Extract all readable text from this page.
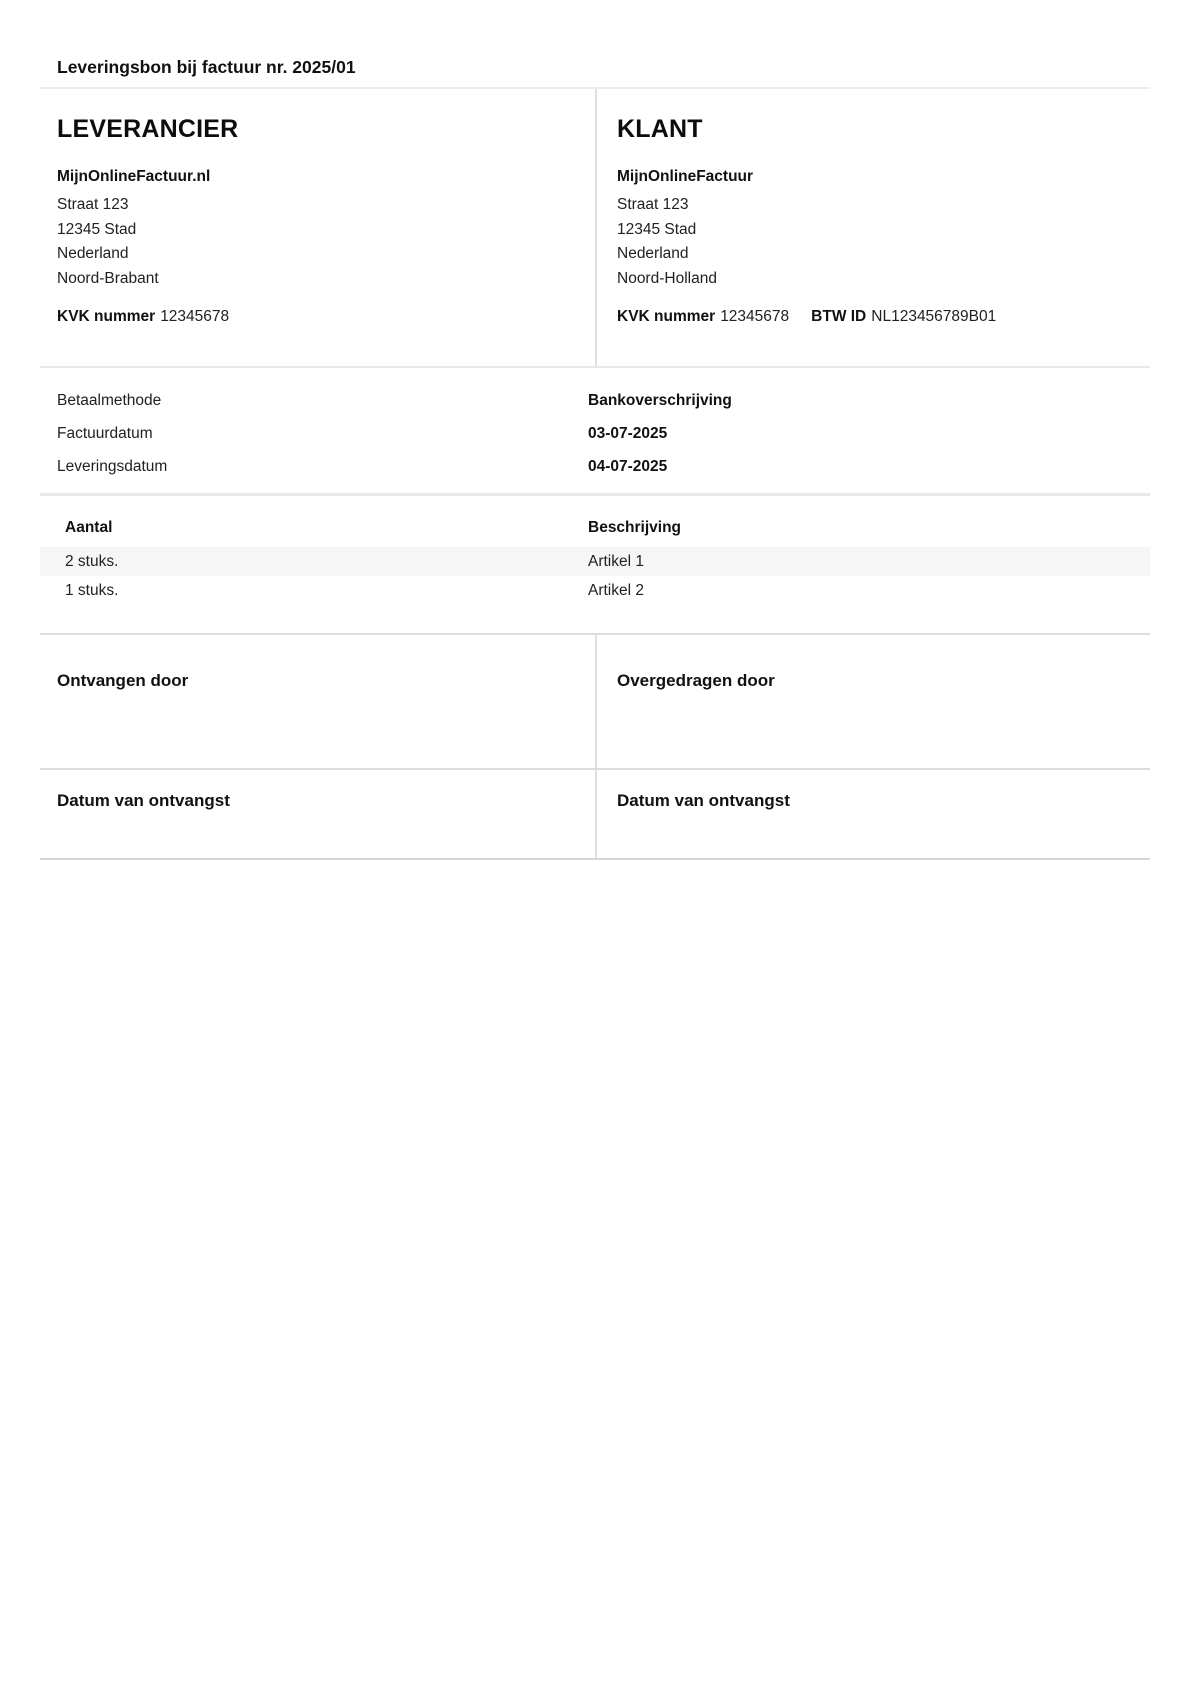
Leveringsbon bij factuur nr. 2025/01
LEVERANCIER

MijnOnlineFactuur.nl

Straat 123

12345 Stad

Nederland

Noord-Brabant

KVK nummer 12345678

KLANT

MijnOnlineFactuur

Straat 123

12345 Stad

Nederland

Noord-Holland

KVK nummer 12345678 BTW ID NL123456789B01

Betaalmethode	Bankoverschrijving
Factuurdatum	03-07-2025
Leveringsdatum	04-07-2025
Aantal	Beschrijving
2 stuks.	Artikel 1
1 stuks.	Artikel 2
Ontvangen door	Overgedragen door
Datum van ontvangst	Datum van ontvangst
